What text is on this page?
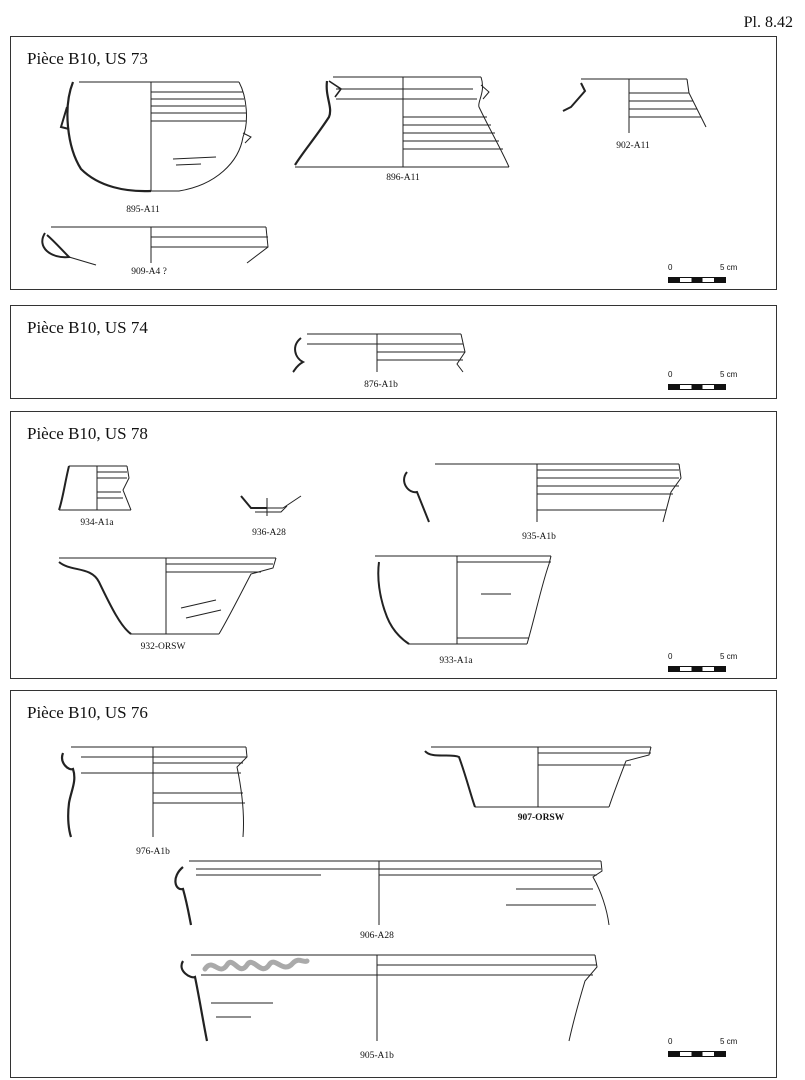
Pl. 8.42
Pièce B10, US 73
895-A11
896-A11
902-A11
909-A4 ?	0	5 cm
Pièce B10, US 74
876-A1b
0	5 cm
Pièce B10, US 78
934-A1a
936-A28	935-A1b
932-ORSW
933-A1a	0	5 cm
Pièce B10, US 76
976-A1b
907-ORSW
906-A28
905-A1b
0	5 cm
